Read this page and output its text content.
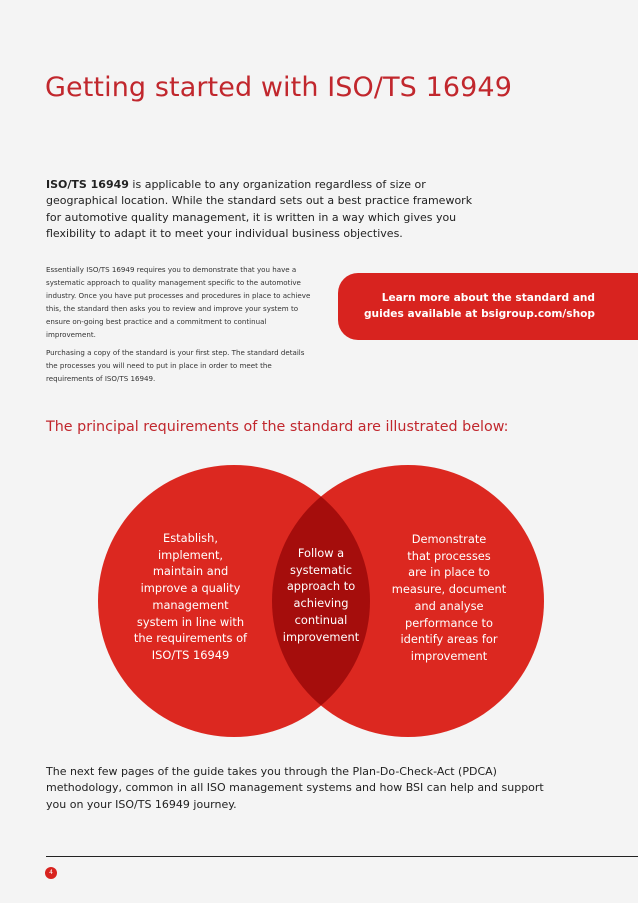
Getting started with ISO/TS 16949

ISO/TS 16949 is applicable to any organization regardless of size or geographical location. While the standard sets out a best practice framework for automotive quality management, it is written in a way which gives you flexibility to adapt it to meet your individual business objectives.

Essentially ISO/TS 16949 requires you to demonstrate that you have a systematic approach to quality management specific to the automotive industry. Once you have put processes and procedures in place to achieve this, the standard then asks you to review and improve your system to ensure on-going best practice and a commitment to continual improvement.

Purchasing a copy of the standard is your first step. The standard details the processes you will need to put in place in order to meet the requirements of ISO/TS 16949.

Learn more about the standard and
guides available at bsigroup.com/shop

The principal requirements of the standard are illustrated below:

Establish,
implement,
maintain and
improve a quality
management
system in line with
the requirements of
ISO/TS 16949

Follow a
systematic
approach to
achieving
continual
improvement

Demonstrate
that processes
are in place to
measure, document
and analyse
performance to
identify areas for
improvement

The next few pages of the guide takes you through the Plan-Do-Check-Act (PDCA) methodology, common in all ISO management systems and how BSI can help and support you on your ISO/TS 16949 journey.

4
